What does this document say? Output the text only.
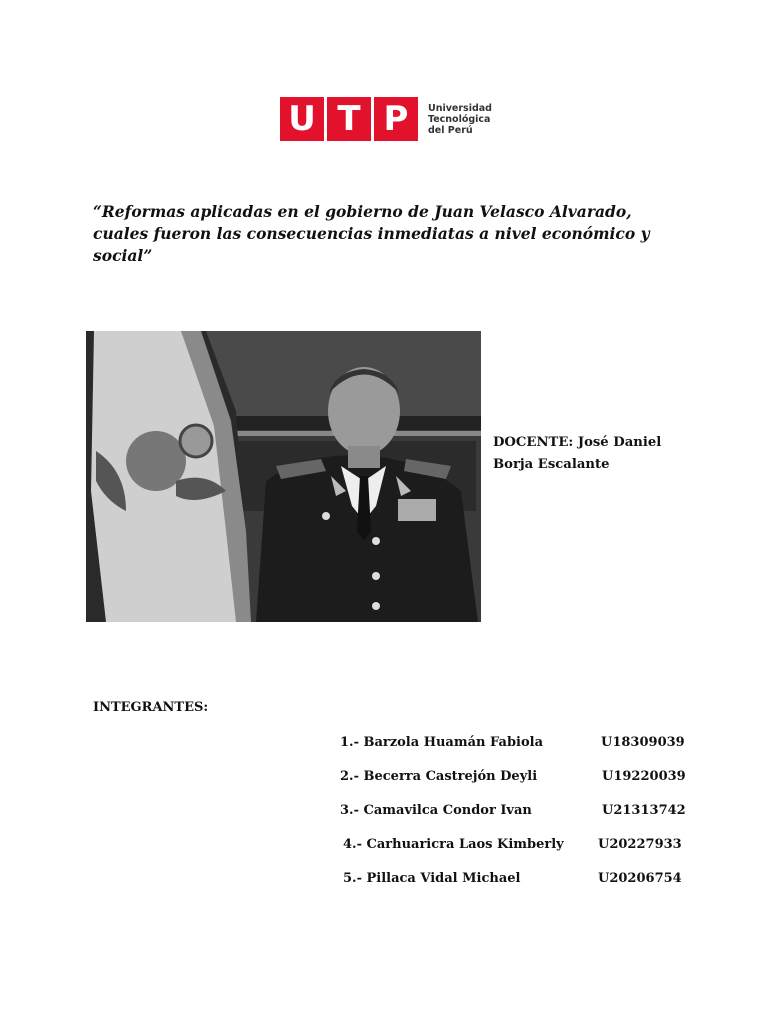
U T P	Universidad
Tecnológica
del Perú
“Reformas aplicadas en el gobierno de Juan Velasco Alvarado, cuales fueron las consecuencias inmediatas a nivel económico y social”
DOCENTE: José Daniel Borja Escalante
INTEGRANTES:
1.- Barzola Huamán Fabiola	U18309039
2.- Becerra Castrejón Deyli	U19220039
3.- Camavilca Condor Ivan	U21313742
4.- Carhuaricra Laos Kimberly	U20227933
5.- Pillaca Vidal Michael	U20206754
